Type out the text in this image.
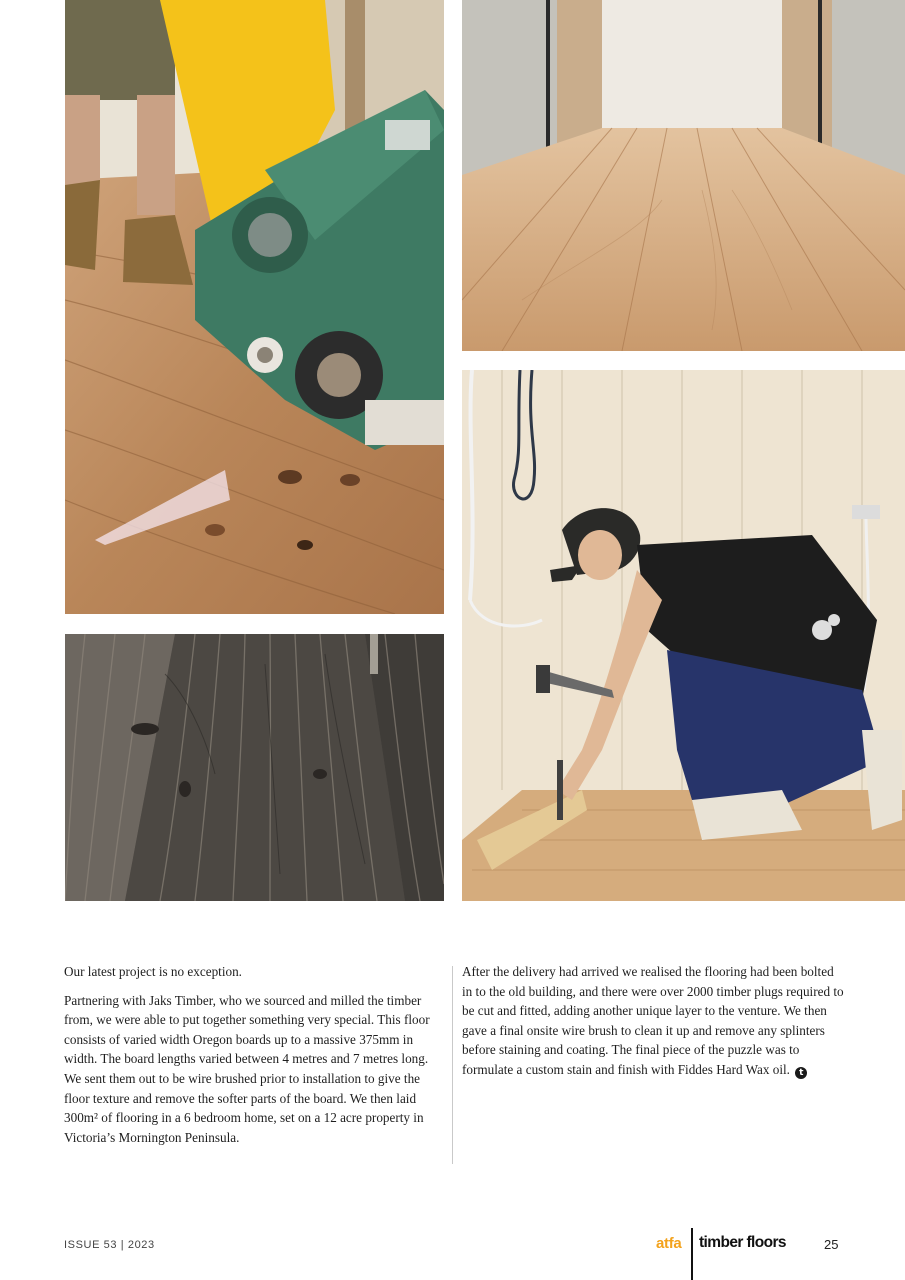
Our latest project is no exception.

Partnering with Jaks Timber, who we sourced and milled the timber from, we were able to put together something very special. This floor consists of varied width Oregon boards up to a massive 375mm in width. The board lengths varied between 4 metres and 7 metres long. We sent them out to be wire brushed prior to installation to give the floor texture and remove the softer parts of the board. We then laid 300m² of flooring in a 6 bedroom home, set on a 12 acre property in Victoria’s Mornington Peninsula.

After the delivery had arrived we realised the flooring had been bolted in to the old building, and there were over 2000 timber plugs required to be cut and fitted, adding another unique layer to the venture. We then gave a final onsite wire brush to clean it up and remove any splinters before staining and coating. The final piece of the puzzle was to formulate a custom stain and finish with Fiddes Hard Wax oil. t

ISSUE 53 | 2023	atfa timber floors	25
